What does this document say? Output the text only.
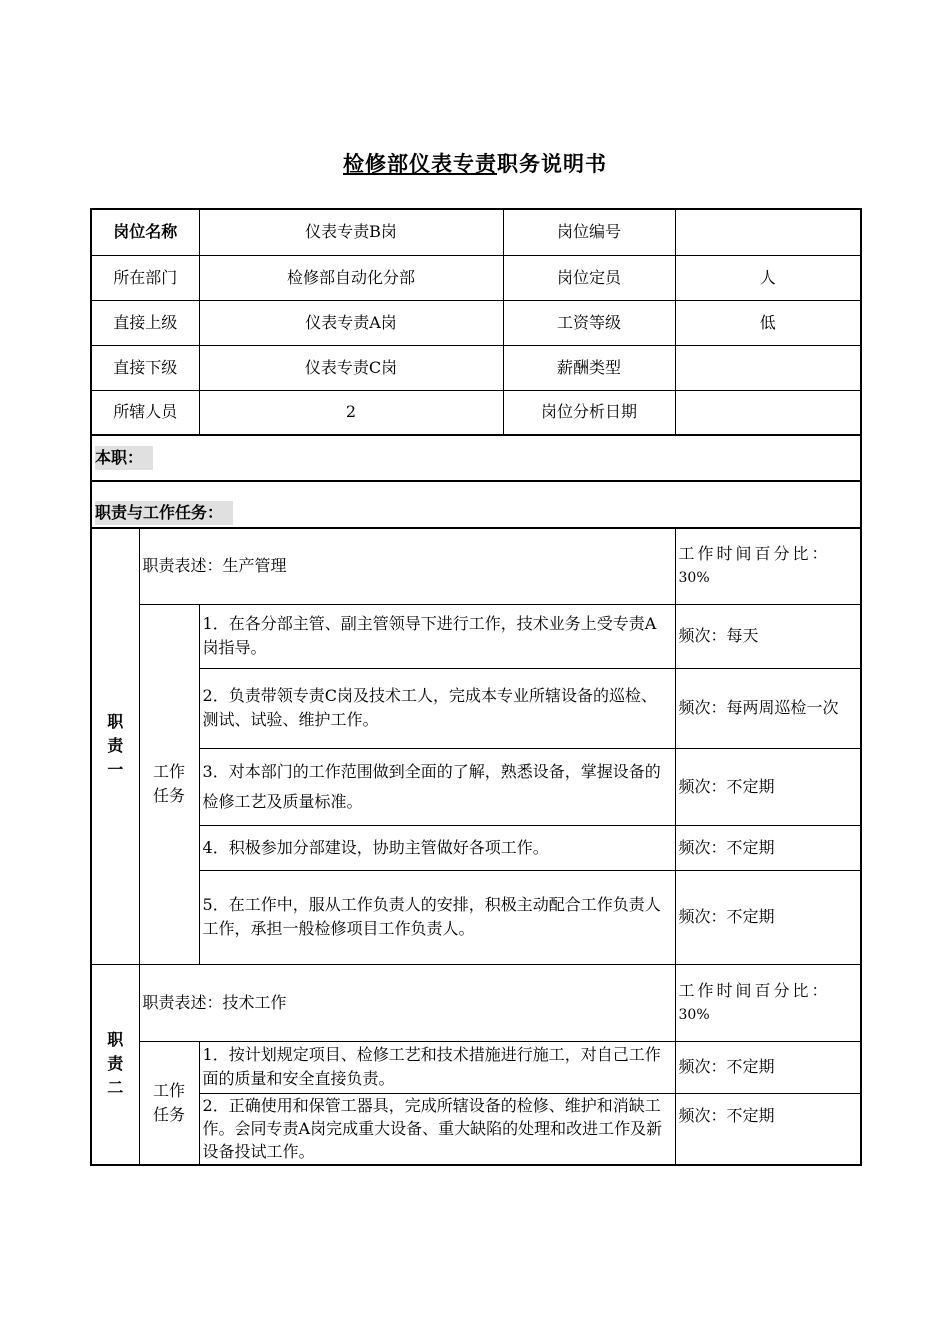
检修部仪表专责职务说明书
岗位名称		仪表专责B岗	岗位编号	
所在部门		检修部自动化分部	岗位定员	人
直接上级		仪表专责A岗	工资等级	低
直接下级		仪表专责C岗	薪酬类型	
所辖人员		2	岗位分析日期	
本职：				
职责与工作任务：				

职
责
一	职责表述：生产管理			工作时间百分比：
30%

	工作
任务	1．在各分部主管、副主管领导下进行工作，技术业务上受专责A岗指导。		频次：每天
		2．负责带领专责C岗及技术工人，完成本专业所辖设备的巡检、测试、试验、维护工作。		频次：每两周巡检一次
		3．对本部门的工作范围做到全面的了解，熟悉设备，掌握设备的检修工艺及质量标准。		频次：不定期
		4．积极参加分部建设，协助主管做好各项工作。		频次：不定期
		5．在工作中，服从工作负责人的安排，积极主动配合工作负责人工作，承担一般检修项目工作负责人。		频次：不定期

职
责
二	职责表述：技术工作			工作时间百分比：
30%

	工作
任务	1．按计划规定项目、检修工艺和技术措施进行施工，对自己工作面的质量和安全直接负责。		频次：不定期
		2．正确使用和保管工器具，完成所辖设备的检修、维护和消缺工作。会同专责A岗完成重大设备、重大缺陷的处理和改进工作及新设备投试工作。		频次：不定期
